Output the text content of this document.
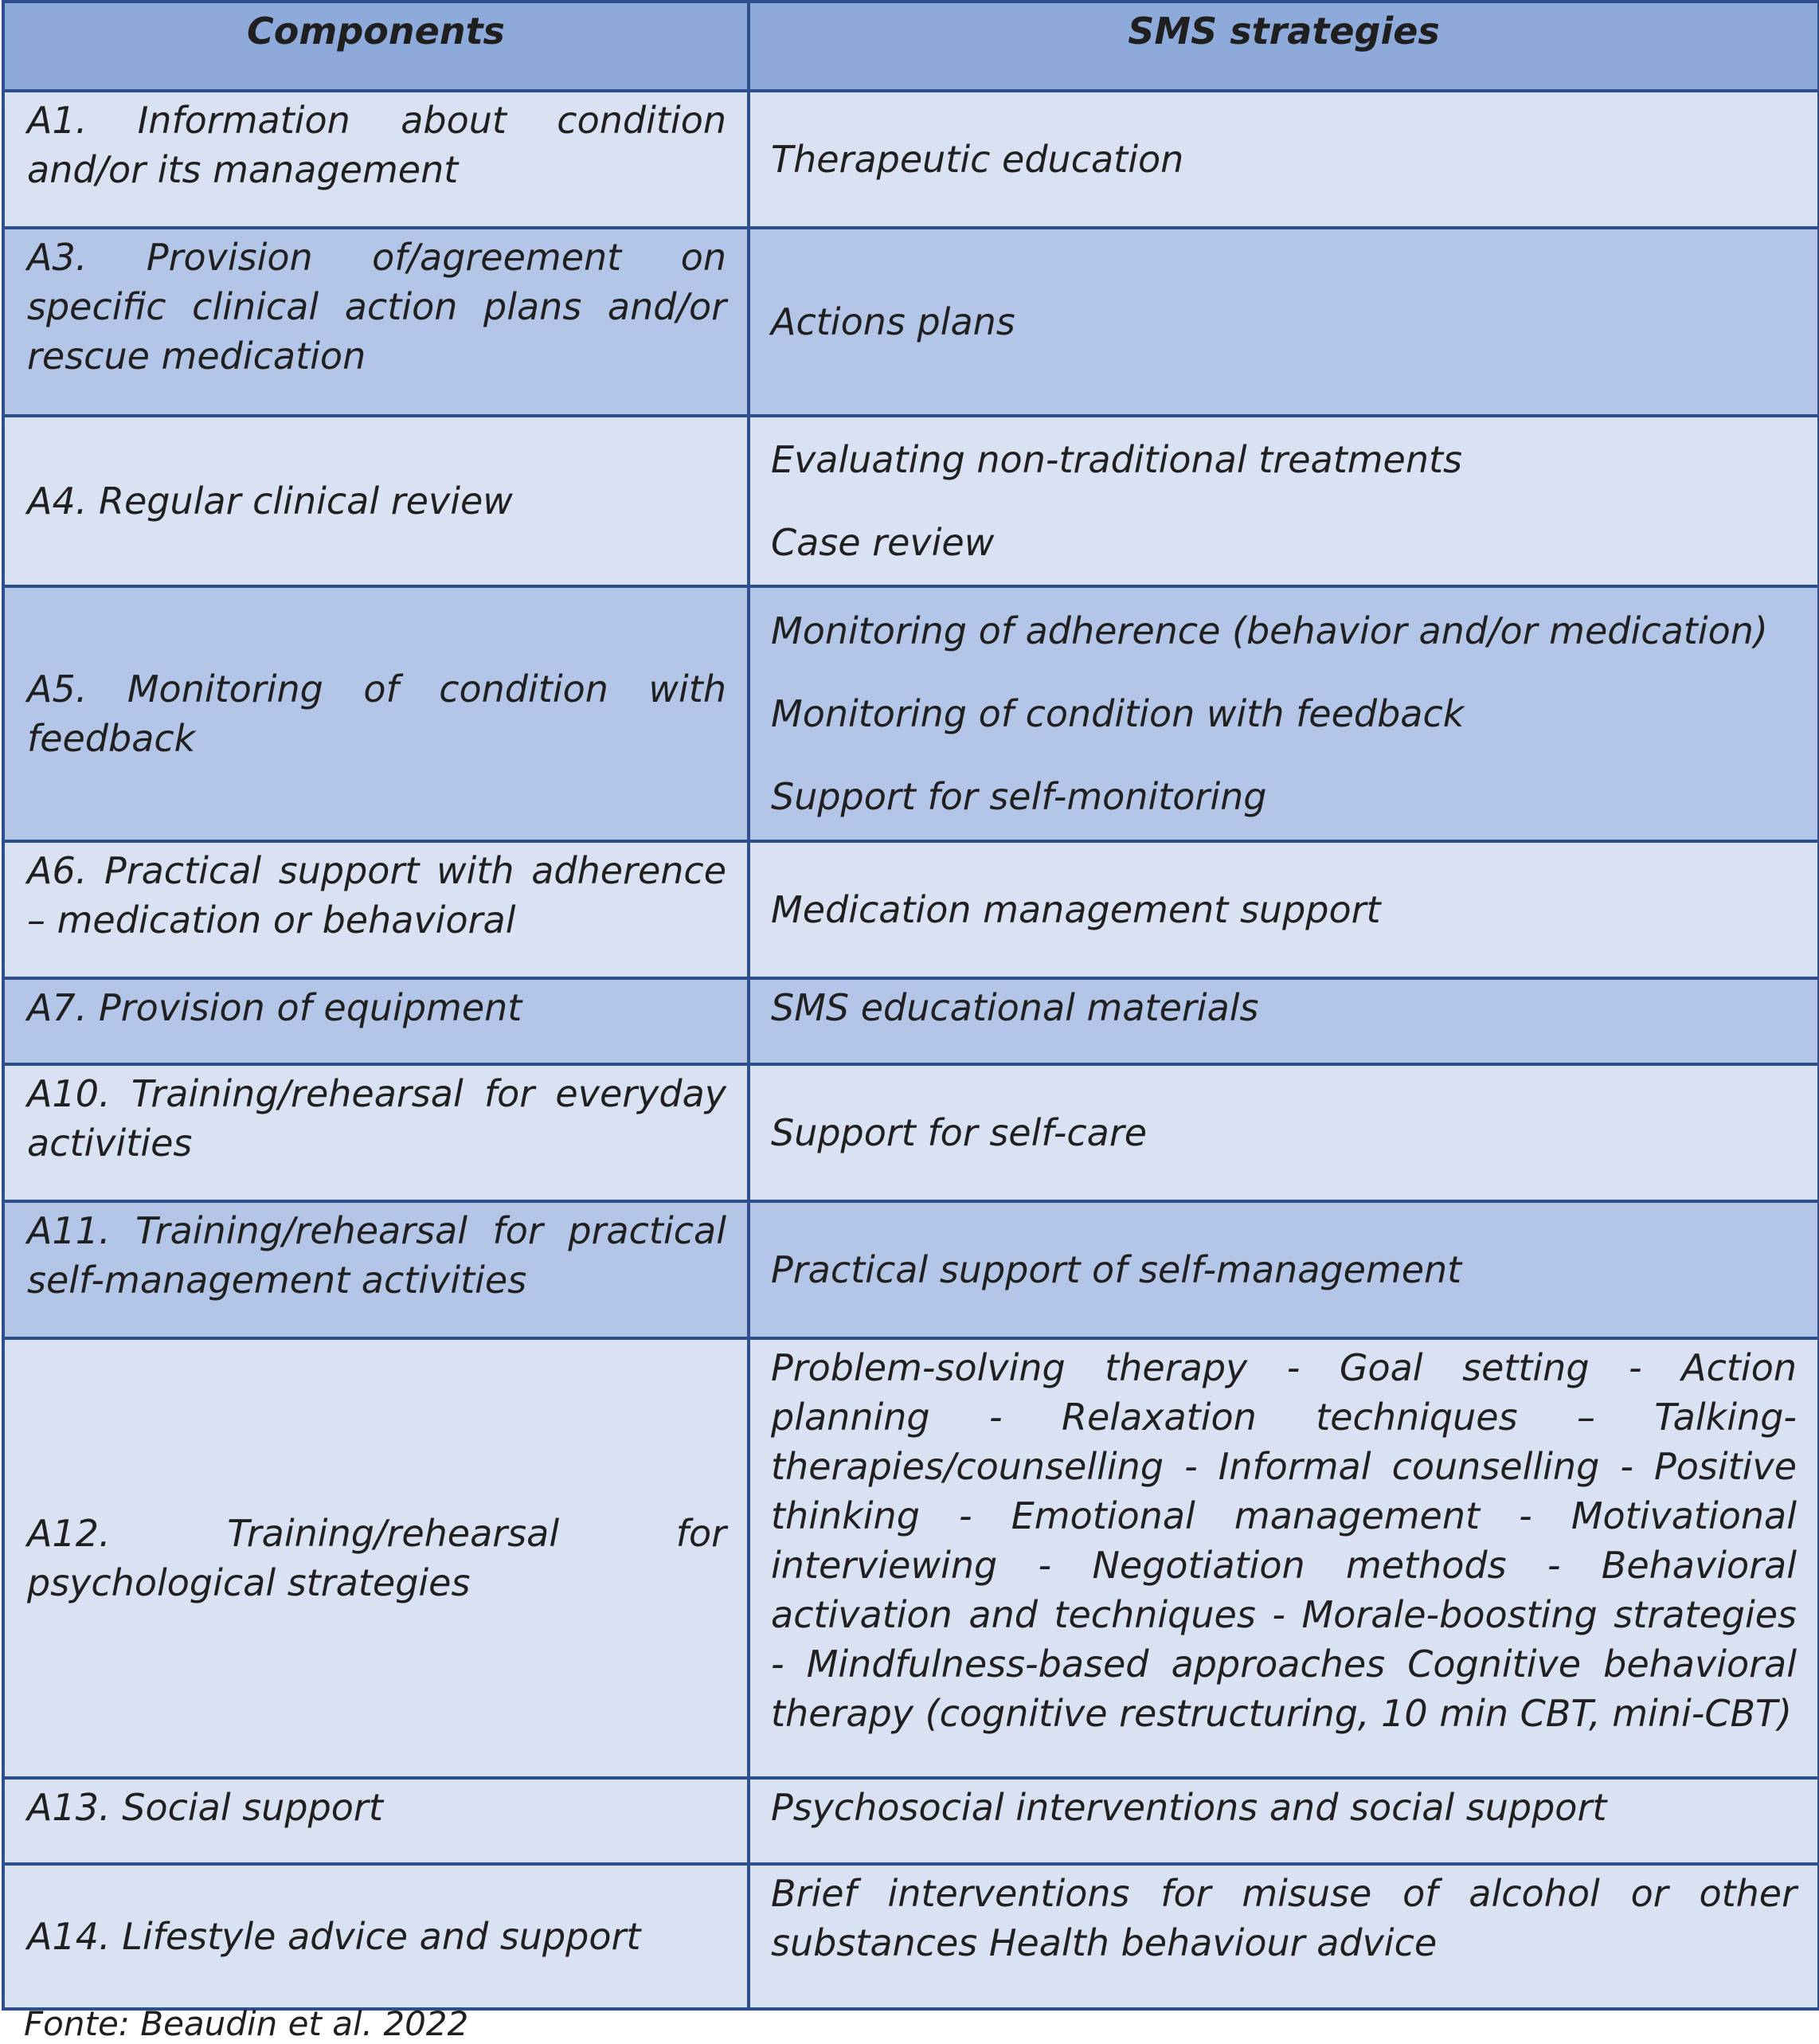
Components	SMS strategies
A1. Information about condition and/or its management	Therapeutic education

A3. Provision of/agreement on specific clinical action plans and/or rescue medication	Actions plans

A4. Regular clinical review	Evaluating non-traditional treatments
Case review

A5. Monitoring of condition with feedback	Monitoring of adherence (behavior and/or medication)
Monitoring of condition with feedback
Support for self-monitoring

A6. Practical support with adherence – medication or behavioral	Medication management support

A7. Provision of equipment	SMS educational materials

A10. Training/rehearsal for everyday activities	Support for self-care

A11. Training/rehearsal for practical self-management activities	Practical support of self-management

A12. Training/rehearsal for psychological strategies	Problem-solving therapy - Goal setting - Action planning - Relaxation techniques – Talking-therapies/counselling - Informal counselling - Positive thinking - Emotional management - Motivational interviewing - Negotiation methods - Behavioral activation and techniques - Morale-boosting strategies - Mindfulness-based approaches Cognitive behavioral therapy (cognitive restructuring, 10 min CBT, mini-CBT)

A13. Social support	Psychosocial interventions and social support

A14. Lifestyle advice and support	Brief interventions for misuse of alcohol or other substances Health behaviour advice
Fonte: Beaudin et al. 2022
